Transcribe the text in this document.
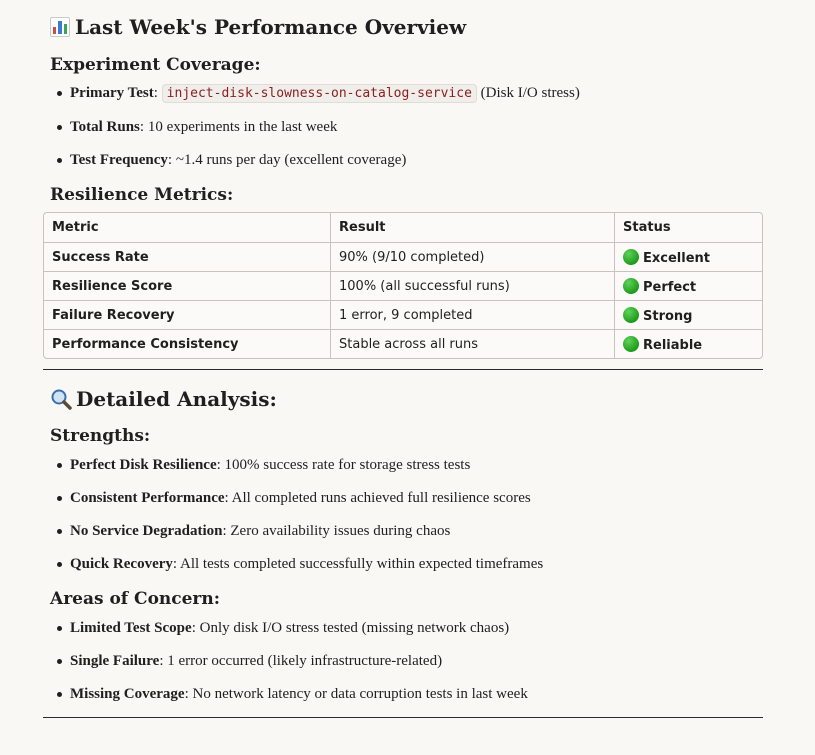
Last Week's Performance Overview
Experiment Coverage:
Primary Test: inject-disk-slowness-on-catalog-service (Disk I/O stress)
Total Runs: 10 experiments in the last week
Test Frequency: ~1.4 runs per day (excellent coverage)
Resilience Metrics:
Metric	Result	Status
Success Rate	90% (9/10 completed)	Excellent
Resilience Score	100% (all successful runs)	Perfect
Failure Recovery	1 error, 9 completed	Strong
Performance Consistency	Stable across all runs	Reliable
Detailed Analysis:
Strengths:
Perfect Disk Resilience: 100% success rate for storage stress tests
Consistent Performance: All completed runs achieved full resilience scores
No Service Degradation: Zero availability issues during chaos
Quick Recovery: All tests completed successfully within expected timeframes
Areas of Concern:
Limited Test Scope: Only disk I/O stress tested (missing network chaos)
Single Failure: 1 error occurred (likely infrastructure-related)
Missing Coverage: No network latency or data corruption tests in last week
